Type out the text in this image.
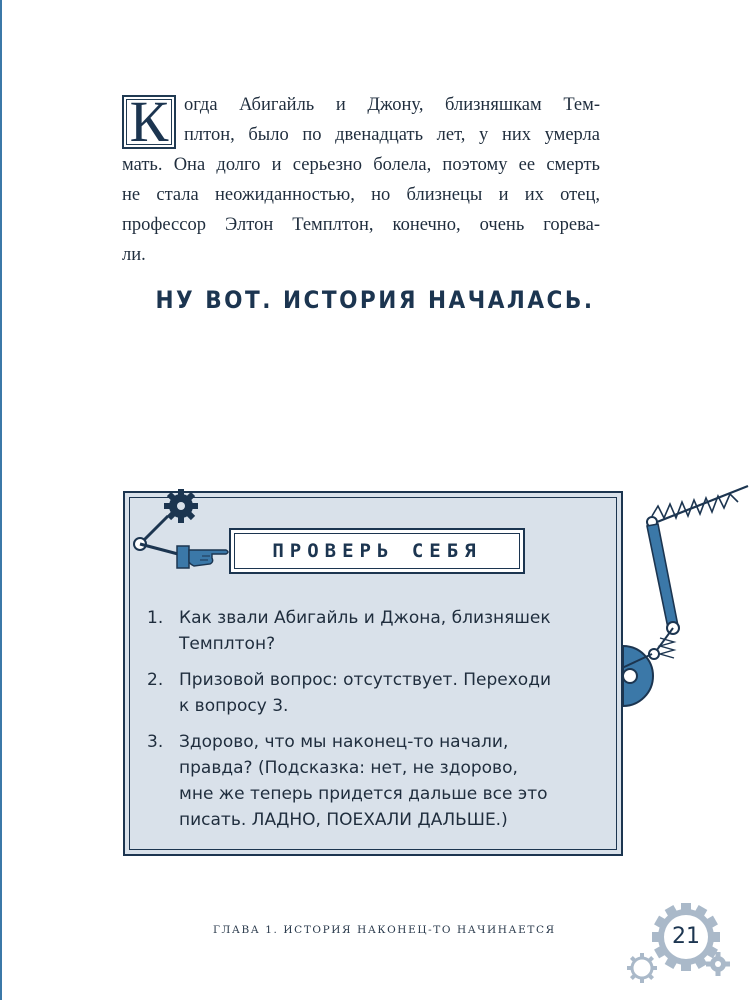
К огда Абигайль и Джону, близняшкам Тем-
плтон, было по двенадцать лет, у них умерла
мать. Она долго и серьезно болела, поэтому ее смерть
не стала неожиданностью, но близнецы и их отец,
профессор Элтон Темплтон, конечно, очень горева-
ли.
НУ ВОТ. ИСТОРИЯ НАЧАЛАСЬ.
ПРОВЕРЬ СЕБЯ
1. Как звали Абигайль и Джона, близняшек
Темплтон?
2. Призовой вопрос: отсутствует. Переходи
к вопросу 3.
3. Здорово, что мы наконец-то начали,
правда? (Подсказка: нет, не здорово,
мне же теперь придется дальше все это
писать. ЛАДНО, ПОЕХАЛИ ДАЛЬШЕ.)
ГЛАВА 1. ИСТОРИЯ НАКОНЕЦ-ТО НАЧИНАЕТСЯ	21
